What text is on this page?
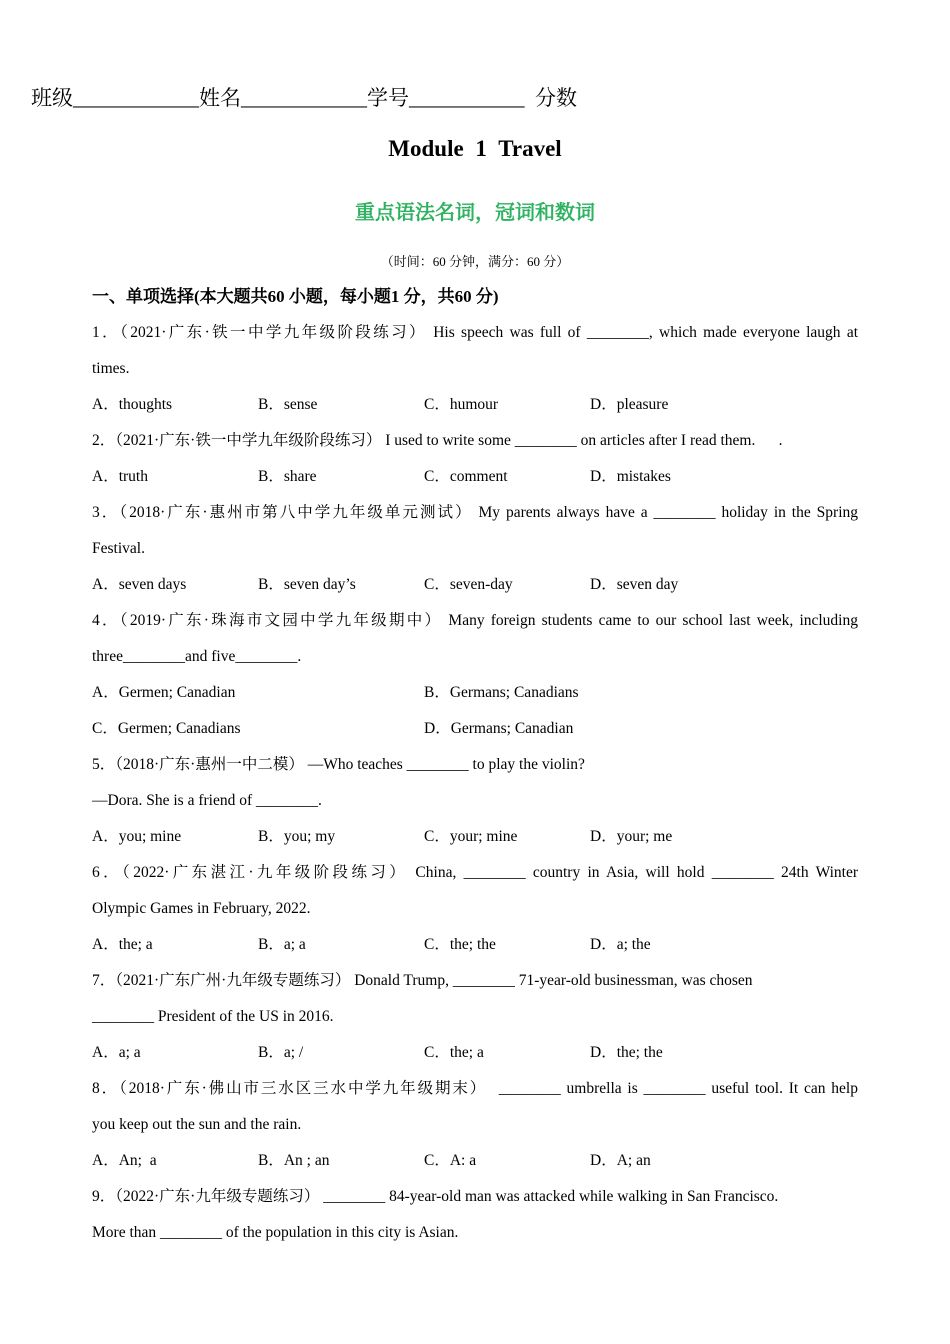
班级____________姓名____________学号___________  分数
Module 1 Travel
重点语法名词，冠词和数词
（时间：60 分钟，满分：60 分）
一、单项选择(本大题共60 小题，每小题1 分，共60 分)
1．（2021·广东·铁一中学九年级阶段练习） His speech was full of ________, which made everyone laugh at
times.
A．thoughts	B．sense	C．humour	D．pleasure
2．（2021·广东·铁一中学九年级阶段练习） I used to write some ________ on articles after I read them.      .
A．truth	B．share	C．comment	D．mistakes
3．（2018·广东·惠州市第八中学九年级单元测试） My parents always have a ________ holiday in the Spring
Festival.
A．seven days	B．seven day’s	C．seven-day	D．seven day
4．（2019·广东·珠海市文园中学九年级期中） Many foreign students came to our school last week, including
three________and five________.
A．Germen; Canadian	B．Germans; Canadians
C．Germen; Canadians	D．Germans; Canadian
5．（2018·广东·惠州一中二模） —Who teaches ________ to play the violin?
—Dora. She is a friend of ________.
A．you; mine	B．you; my	C．your; mine	D．your; me
6．（2022·广东湛江·九年级阶段练习） China, ________ country in Asia, will hold ________ 24th Winter
Olympic Games in February, 2022.
A．the; a	B．a; a	C．the; the	D．a; the
7．（2021·广东广州·九年级专题练习） Donald Trump, ________ 71-year-old businessman, was chosen
________ President of the US in 2016.
A．a; a	B．a; /	C．the; a	D．the; the
8．（2018·广东·佛山市三水区三水中学九年级期末）  ________ umbrella is ________ useful tool. It can help
you keep out the sun and the rain.
A．An;  a	B．An ; an	C．A: a	D．A; an
9．（2022·广东·九年级专题练习） ________ 84-year-old man was attacked while walking in San Francisco.
More than ________ of the population in this city is Asian.
